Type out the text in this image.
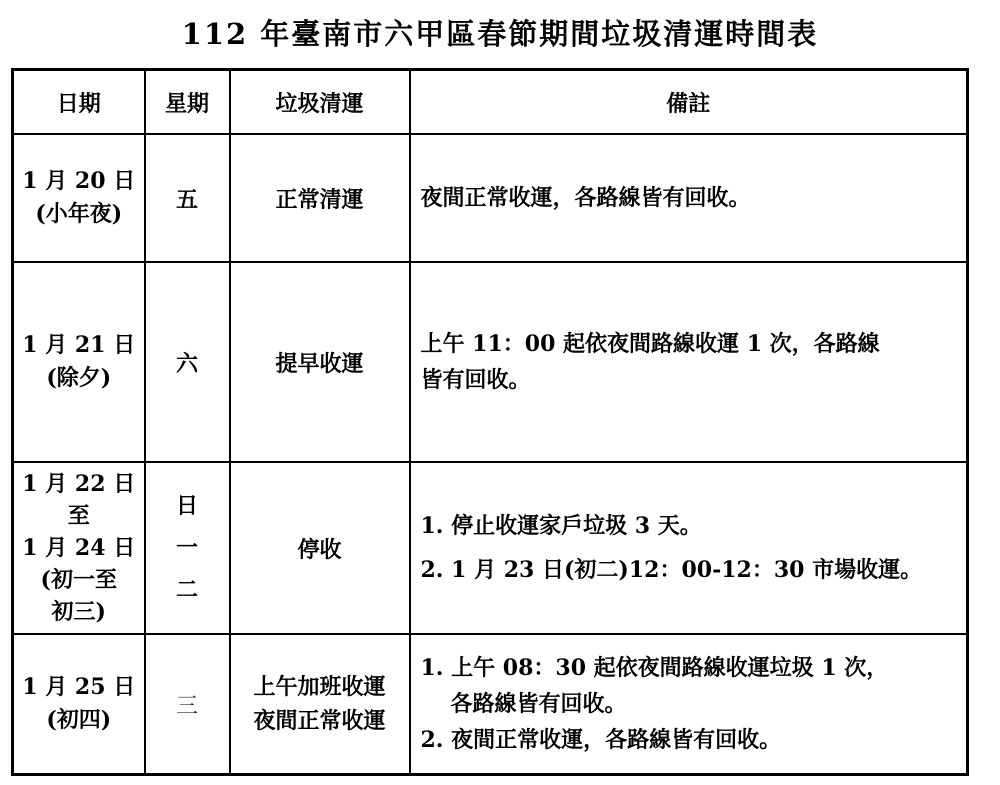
112 年臺南市六甲區春節期間垃圾清運時間表
日期	星期	垃圾清運	備註

1 月 20 日
(小年夜)	五	正常清運	夜間正常收運，各路線皆有回收。

1 月 21 日
(除夕)	六	提早收運	上午 11：00 起依夜間路線收運 1 次，各路線
皆有回收。

1 月 22 日
至
1 月 24 日
(初一至
初三)	日
一
二	停收	1. 停止收運家戶垃圾 3 天。
2. 1 月 23 日(初二)12：00-12：30 市場收運。

1 月 25 日
(初四)	三	上午加班收運
夜間正常收運	1. 上午 08：30 起依夜間路線收運垃圾 1 次，
各路線皆有回收。
2. 夜間正常收運，各路線皆有回收。
